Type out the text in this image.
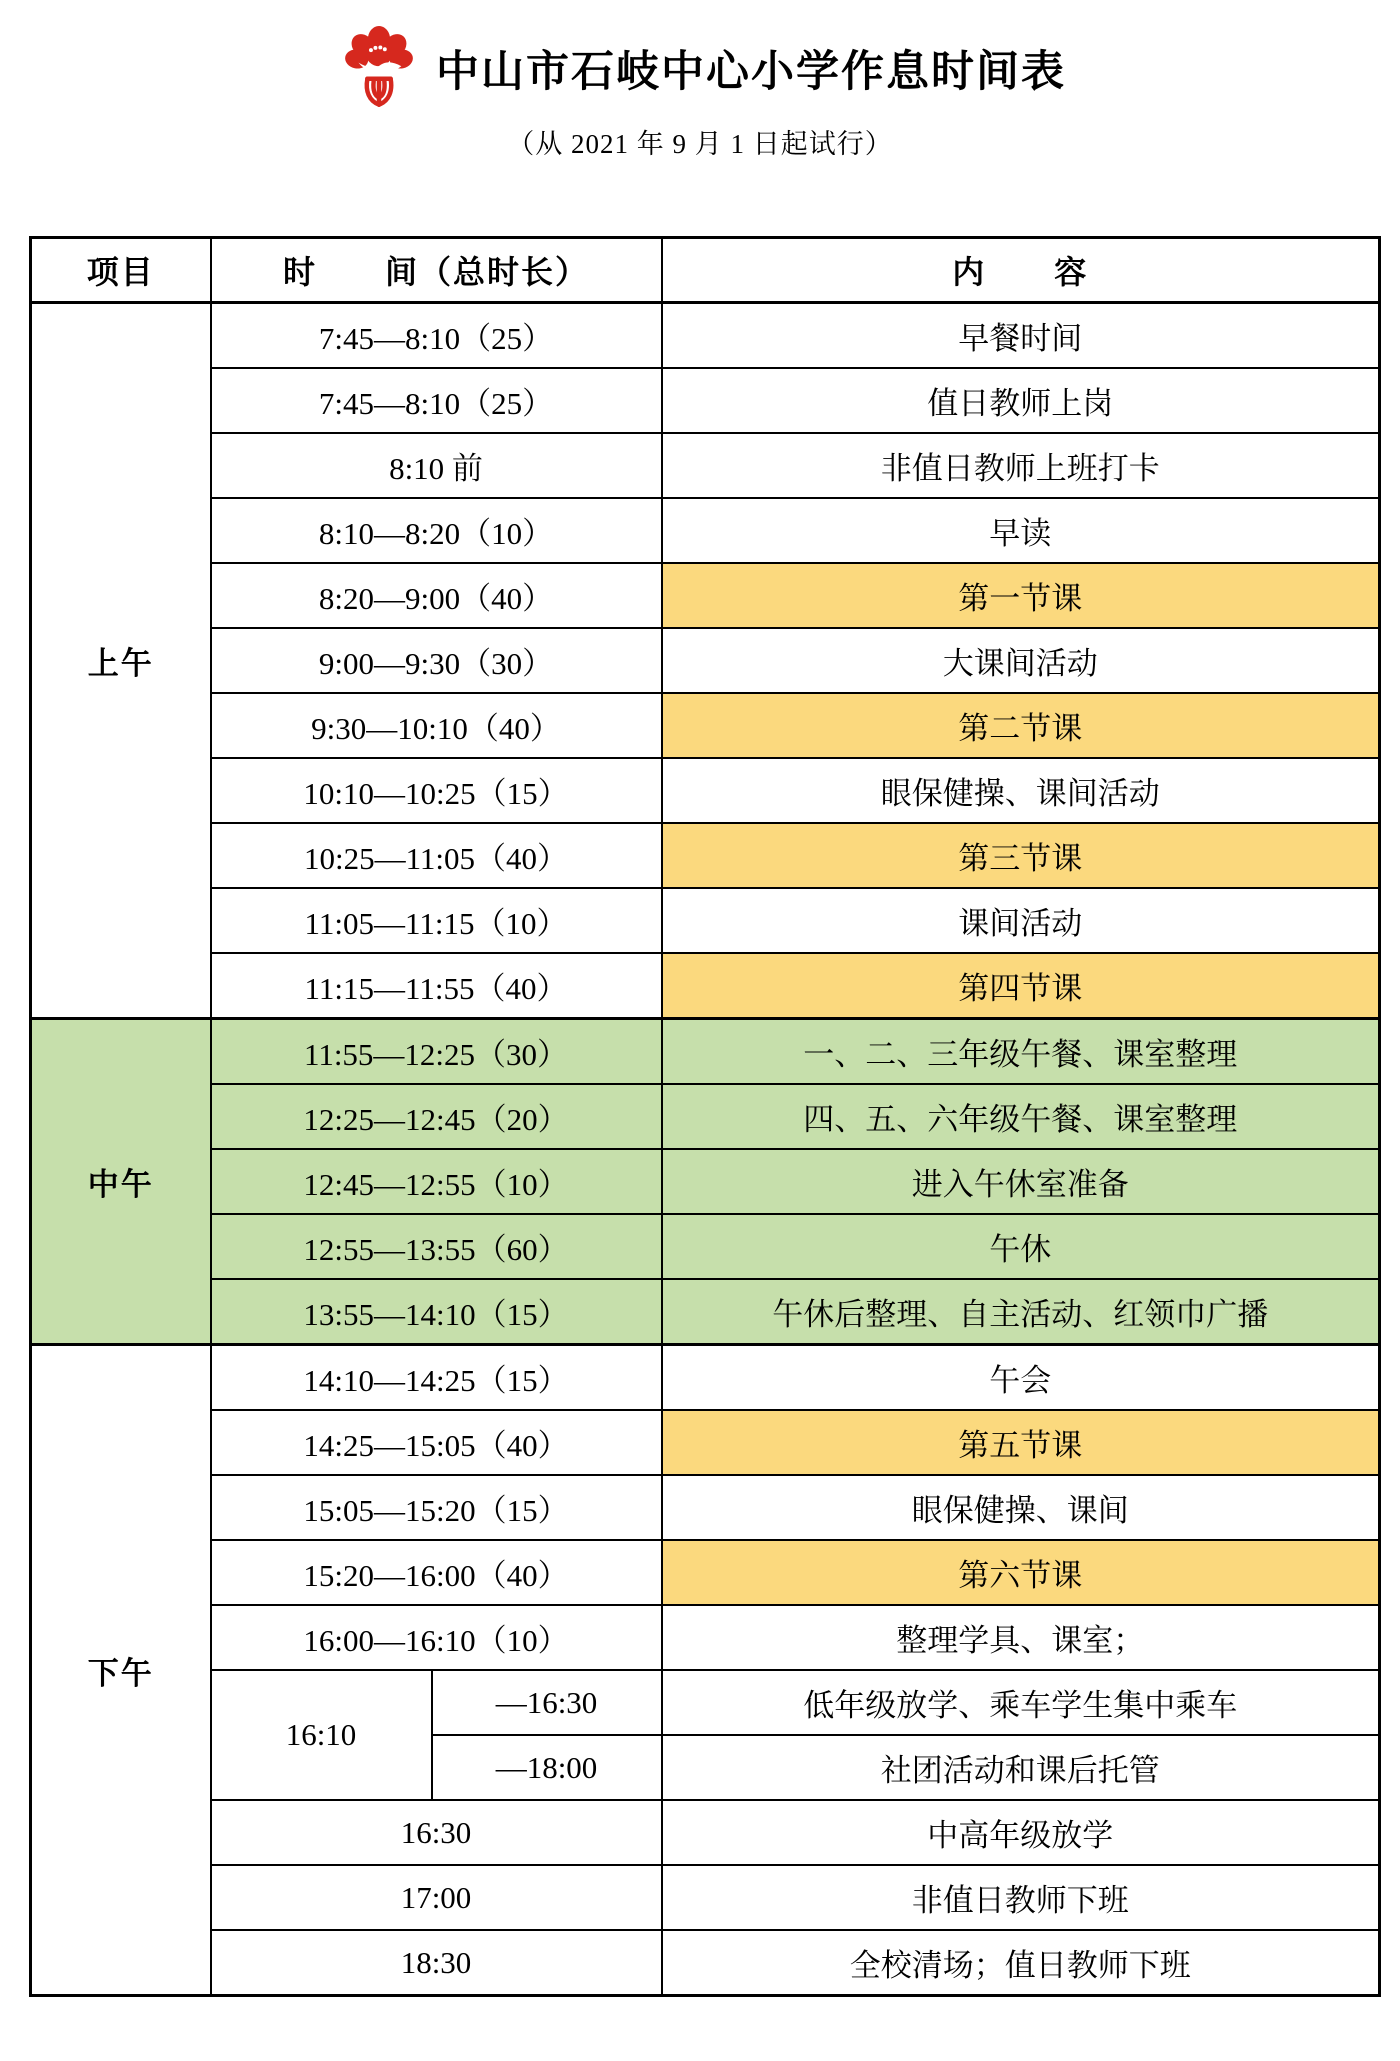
中山市石岐中心小学作息时间表
（从 2021 年 9 月 1 日起试行）
项目	时　　间（总时长）		内　　容
上午	7:45—8:10（25）		早餐时间
	7:45—8:10（25）		值日教师上岗
	8:10 前		非值日教师上班打卡
	8:10—8:20（10）		早读
	8:20—9:00（40）		第一节课
	9:00—9:30（30）		大课间活动
	9:30—10:10（40）		第二节课
	10:10—10:25（15）		眼保健操、课间活动
	10:25—11:05（40）		第三节课
	11:05—11:15（10）		课间活动
	11:15—11:55（40）		第四节课
中午	11:55—12:25（30）		一、二、三年级午餐、课室整理
	12:25—12:45（20）		四、五、六年级午餐、课室整理
	12:45—12:55（10）		进入午休室准备
	12:55—13:55（60）		午休
	13:55—14:10（15）		午休后整理、自主活动、红领巾广播
下午	14:10—14:25（15）		午会
	14:25—15:05（40）		第五节课
	15:05—15:20（15）		眼保健操、课间
	15:20—16:00（40）		第六节课
	16:00—16:10（10）		整理学具、课室；
	16:10	—16:30	低年级放学、乘车学生集中乘车
		—18:00	社团活动和课后托管
	16:30		中高年级放学
	17:00		非值日教师下班
	18:30		全校清场；值日教师下班
